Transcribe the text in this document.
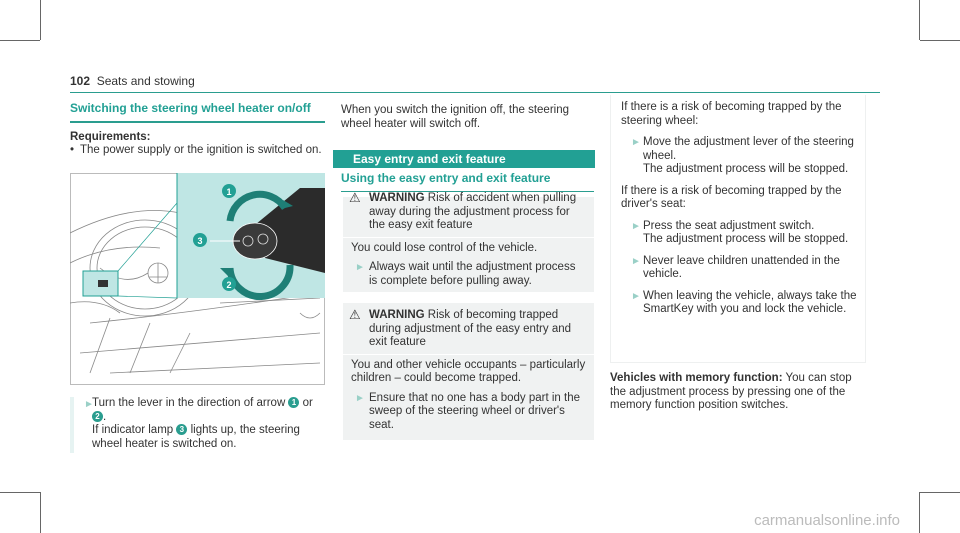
102 Seats and stowing
Switching the steering wheel heater on/off

Requirements:

• The power supply or the ignition is switched on.
1
3
2
►
Turn the lever in the direction of arrow 1 or
2 .
If indicator lamp 3 lights up, the steering wheel heater is switched on.
When you switch the ignition off, the steering wheel heater will switch off.
Easy entry and exit feature
Using the easy entry and exit feature
⚠ WARNING Risk of accident when pulling away during the adjustment process for the easy exit feature

You could lose control of the vehicle.

► Always wait until the adjustment process is complete before pulling away.
⚠ WARNING Risk of becoming trapped during adjustment of the easy entry and exit feature

You and other vehicle occupants – particularly children – could become trapped.

► Ensure that no one has a body part in the sweep of the steering wheel or driver's seat.

If there is a risk of becoming trapped by the steering wheel:

► Move the adjustment lever of the steering wheel.
The adjustment process will be stopped.

If there is a risk of becoming trapped by the driver's seat:

► Press the seat adjustment switch.
The adjustment process will be stopped.
► Never leave children unattended in the vehicle.
► When leaving the vehicle, always take the SmartKey with you and lock the vehicle.
Vehicles with memory function: You can stop the adjustment process by pressing one of the memory function position switches.
carmanualsonline.info
